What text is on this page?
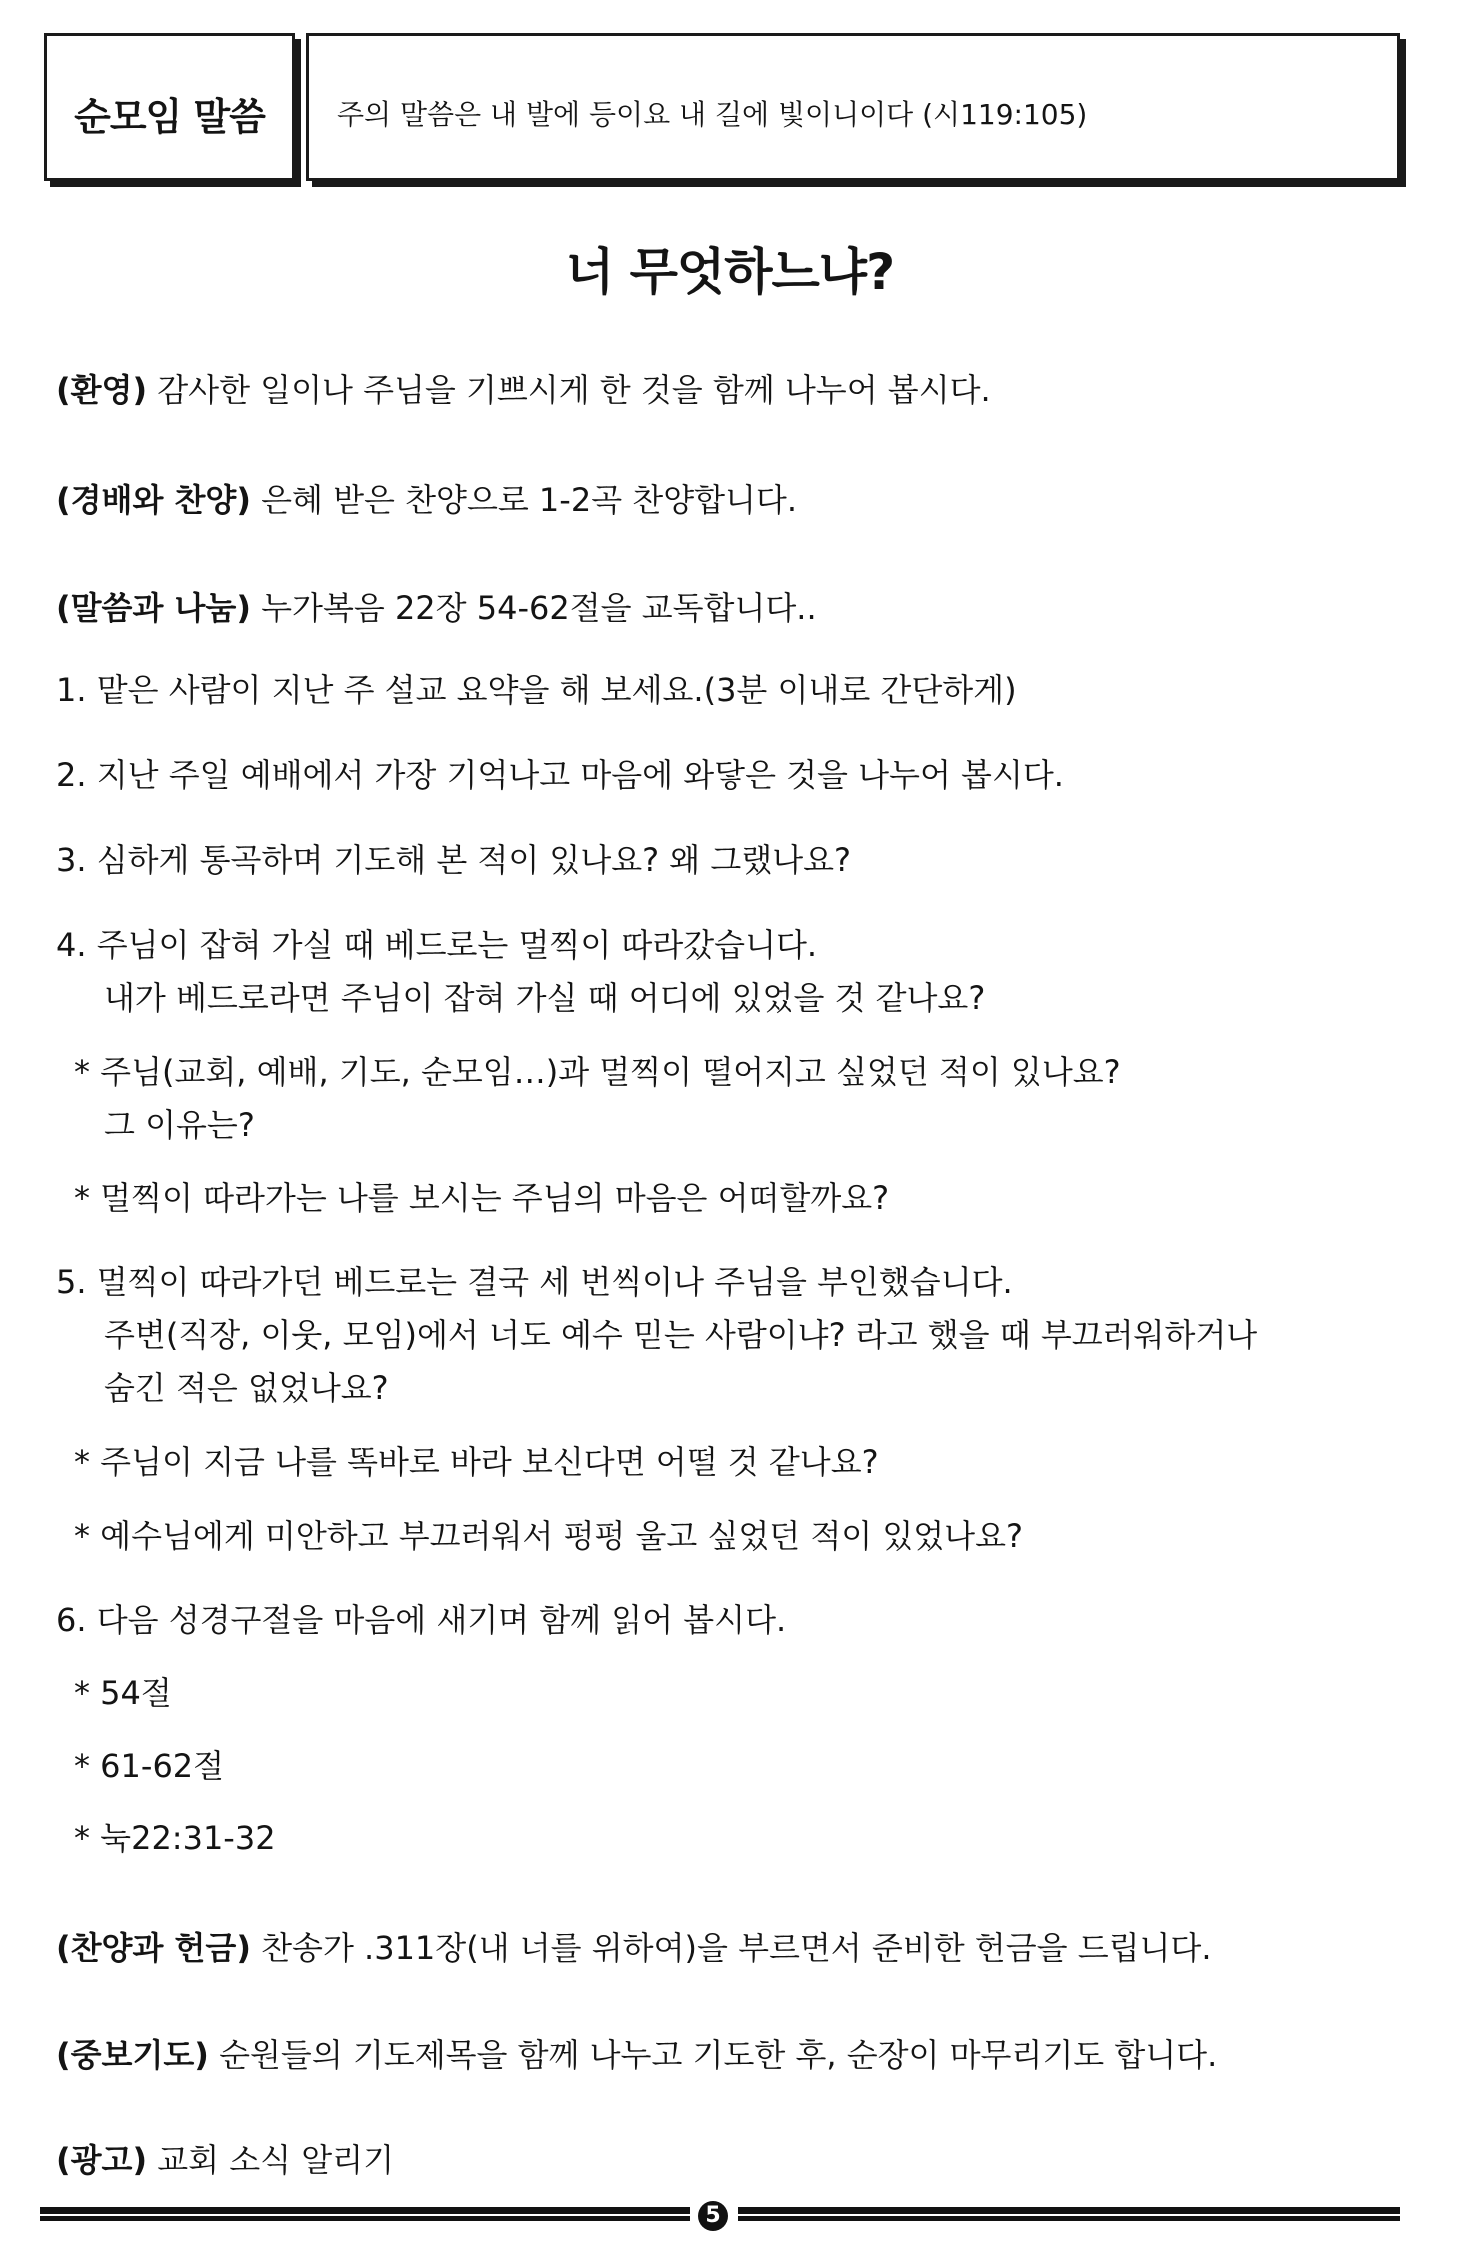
순모임 말씀	주의 말씀은 내 발에 등이요 내 길에 빛이니이다 (시119:105)
너 무엇하느냐?
(환영) 감사한 일이나 주님을 기쁘시게 한 것을 함께 나누어 봅시다.
(경배와 찬양) 은혜 받은 찬양으로 1-2곡 찬양합니다.
(말씀과 나눔) 누가복음 22장 54-62절을 교독합니다..
1. 맡은 사람이 지난 주 설교 요약을 해 보세요.(3분 이내로 간단하게)
2. 지난 주일 예배에서 가장 기억나고 마음에 와닿은 것을 나누어 봅시다.
3. 심하게 통곡하며 기도해 본 적이 있나요? 왜 그랬나요?
4. 주님이 잡혀 가실 때 베드로는 멀찍이 따라갔습니다.
내가 베드로라면 주님이 잡혀 가실 때 어디에 있었을 것 같나요?
* 주님(교회, 예배, 기도, 순모임…)과 멀찍이 떨어지고 싶었던 적이 있나요?
그 이유는?
* 멀찍이 따라가는 나를 보시는 주님의 마음은 어떠할까요?
5. 멀찍이 따라가던 베드로는 결국 세 번씩이나 주님을 부인했습니다.
주변(직장, 이웃, 모임)에서 너도 예수 믿는 사람이냐? 라고 했을 때 부끄러워하거나
숨긴 적은 없었나요?
* 주님이 지금 나를 똑바로 바라 보신다면 어떨 것 같나요?
* 예수님에게 미안하고 부끄러워서 펑펑 울고 싶었던 적이 있었나요?
6. 다음 성경구절을 마음에 새기며 함께 읽어 봅시다.
* 54절
* 61-62절
* 눅22:31-32
(찬양과 헌금) 찬송가 .311장(내 너를 위하여)을 부르면서 준비한 헌금을 드립니다.
(중보기도) 순원들의 기도제목을 함께 나누고 기도한 후, 순장이 마무리기도 합니다.
(광고) 교회 소식 알리기
5
